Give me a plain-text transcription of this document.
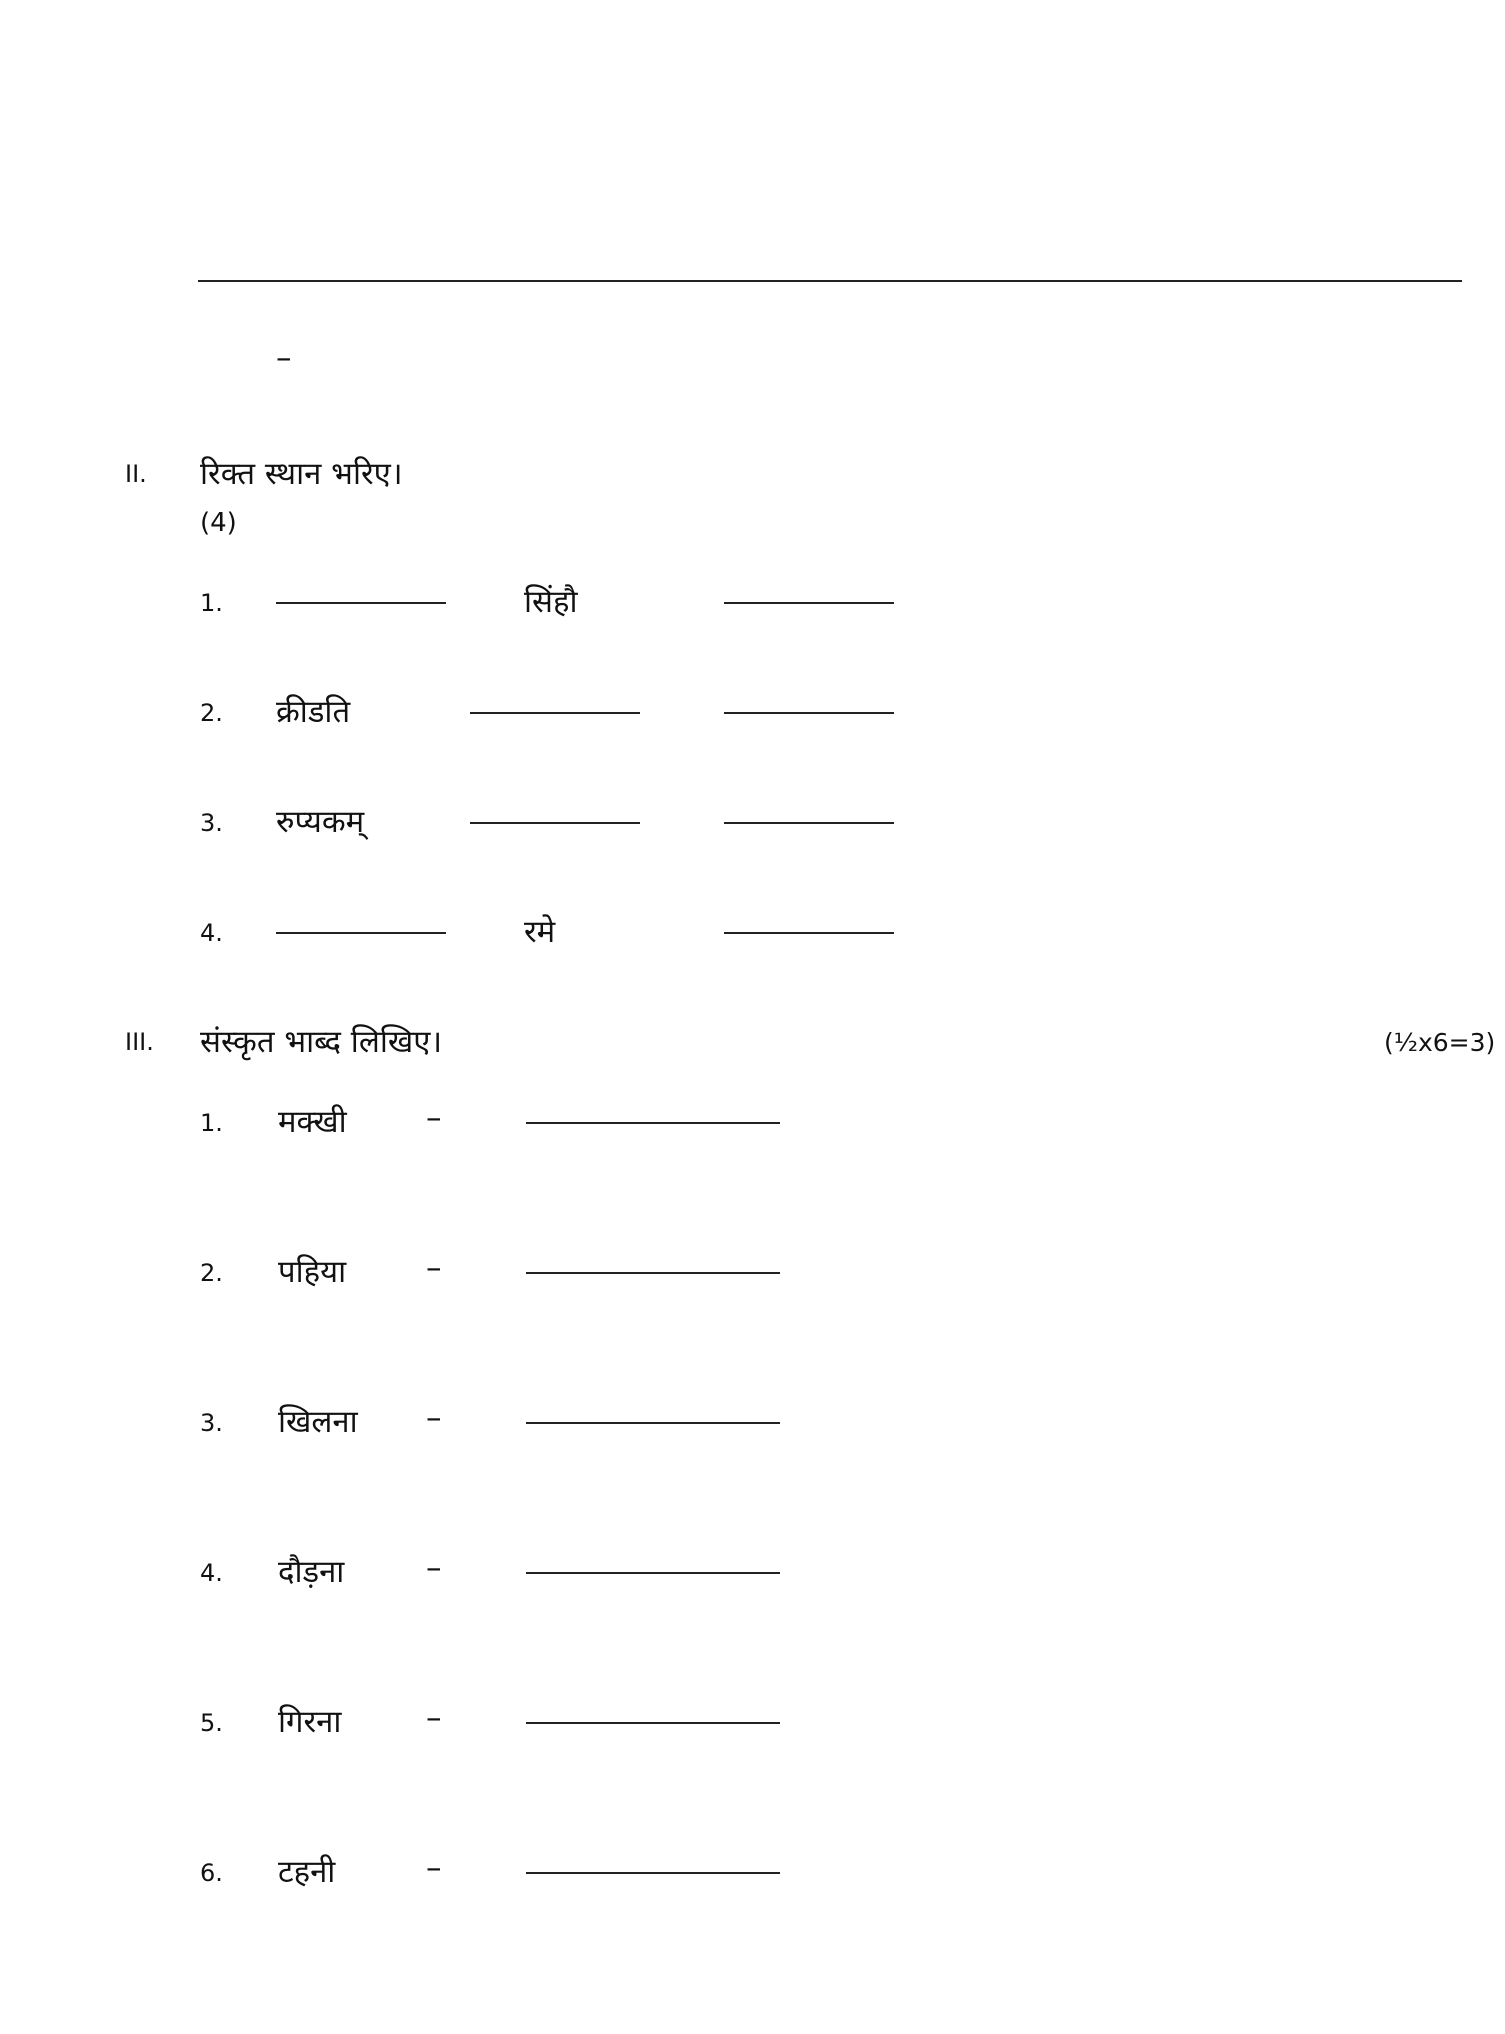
–
II. रिक्त स्थान भरिए।
(4)
1.	सिंहौ
2. क्रीडति
3. रुप्यकम्
4.	रमे
III. संस्कृत भाब्द लिखिए।	(½x6=3)
1. मक्खी	–
2. पहिया	–
3. खिलना –
4. दौड़ना	–
5. गिरना	–
6. टहनी	–
